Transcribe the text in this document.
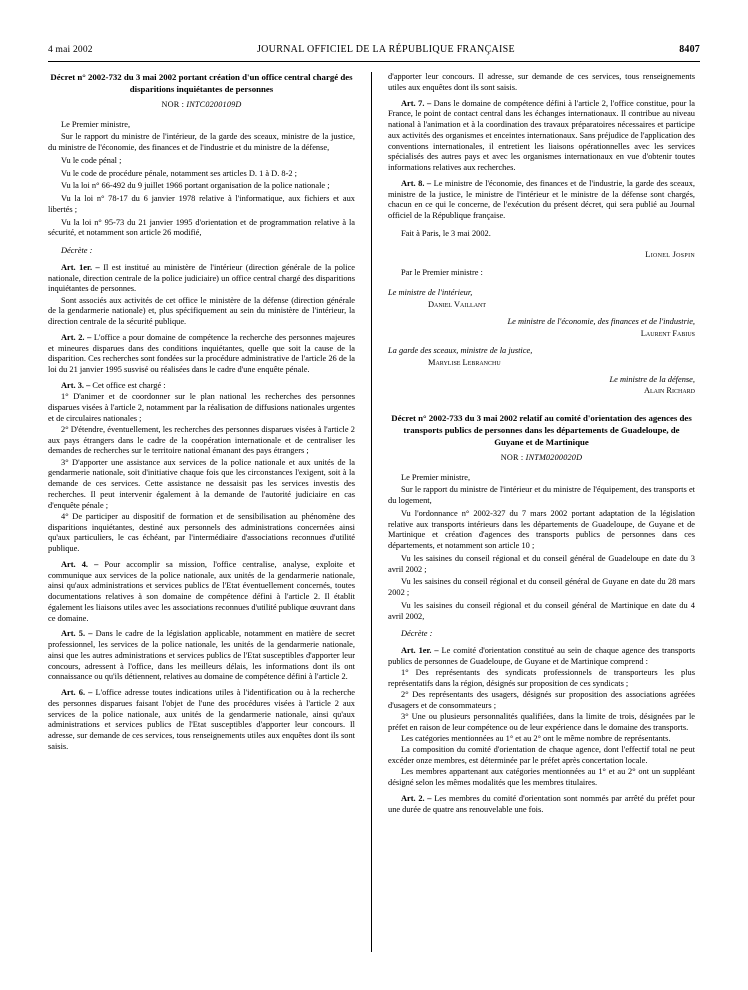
4 mai 2002	JOURNAL OFFICIEL DE LA RÉPUBLIQUE FRANÇAISE	8407
Décret n° 2002-732 du 3 mai 2002 portant création d'un office central chargé des disparitions inquiétantes de personnes
NOR : INTC0200109D

Le Premier ministre,

Sur le rapport du ministre de l'intérieur, de la garde des sceaux, ministre de la justice, du ministre de l'économie, des finances et de l'industrie et du ministre de la défense,

Vu le code pénal ;

Vu le code de procédure pénale, notamment ses articles D. 1 à D. 8-2 ;

Vu la loi n° 66-492 du 9 juillet 1966 portant organisation de la police nationale ;

Vu la loi n° 78-17 du 6 janvier 1978 relative à l'informatique, aux fichiers et aux libertés ;

Vu la loi n° 95-73 du 21 janvier 1995 d'orientation et de programmation relative à la sécurité, et notamment son article 26 modifié,

Décrète :

Art. 1er. – Il est institué au ministère de l'intérieur (direction générale de la police nationale, direction centrale de la police judiciaire) un office central chargé des disparitions inquiétantes de personnes.

Sont associés aux activités de cet office le ministère de la défense (direction générale de la gendarmerie nationale) et, plus spécifiquement au sein du ministère de l'intérieur, la direction centrale de la sécurité publique.

Art. 2. – L'office a pour domaine de compétence la recherche des personnes majeures et mineures disparues dans des conditions inquiétantes, quelle que soit la cause de la disparition. Ces recherches sont fondées sur la procédure administrative de l'article 26 de la loi du 21 janvier 1995 susvisé ou réalisées dans le cadre d'une enquête pénale.

Art. 3. – Cet office est chargé :

1° D'animer et de coordonner sur le plan national les recherches des personnes disparues visées à l'article 2, notamment par la réalisation de diffusions nationales urgentes et de circulaires nationales ;

2° D'étendre, éventuellement, les recherches des personnes disparues visées à l'article 2 aux pays étrangers dans le cadre de la coopération internationale et de centraliser les demandes de recherches sur le territoire national émanant des pays étrangers ;

3° D'apporter une assistance aux services de la police nationale et aux unités de la gendarmerie nationale, soit d'initiative chaque fois que les circonstances l'exigent, soit à la demande de ces services. Cette assistance ne dessaisit pas les services investis des recherches. Il peut intervenir également à la demande de l'autorité judiciaire en cas d'enquête pénale ;

4° De participer au dispositif de formation et de sensibilisation au phénomène des disparitions inquiétantes, destiné aux personnels des administrations concernées ainsi qu'aux particuliers, le cas échéant, par l'intermédiaire d'associations reconnues d'utilité publique.

Art. 4. – Pour accomplir sa mission, l'office centralise, analyse, exploite et communique aux services de la police nationale, aux unités de la gendarmerie nationale, ainsi qu'aux administrations et services publics de l'Etat éventuellement concernés, toutes documentations relatives à son domaine de compétence défini à l'article 2. Il établit également les liaisons utiles avec les associations reconnues d'utilité publique œuvrant dans ce domaine.

Art. 5. – Dans le cadre de la législation applicable, notamment en matière de secret professionnel, les services de la police nationale, les unités de la gendarmerie nationale, ainsi que les autres administrations et services publics de l'Etat susceptibles d'apporter leur concours, adressent à l'office, dans les meilleurs délais, les informations dont ils ont connaissance ou qu'ils détiennent, relatives au domaine de compétence défini à l'article 2.

Art. 6. – L'office adresse toutes indications utiles à l'identification ou à la recherche des personnes disparues faisant l'objet de l'une des procédures visées à l'article 2 aux services de la police nationale, aux unités de la gendarmerie nationale, ainsi qu'aux administrations et services publics de l'Etat susceptibles d'apporter leur concours. Il adresse, sur demande de ces services, tous renseignements utiles aux enquêtes dont ils sont saisis.

d'apporter leur concours. Il adresse, sur demande de ces services, tous renseignements utiles aux enquêtes dont ils sont saisis.

Art. 7. – Dans le domaine de compétence défini à l'article 2, l'office constitue, pour la France, le point de contact central dans les échanges internationaux. Il contribue au niveau national à l'animation et à la coordination des travaux préparatoires nécessaires et participe aux activités des organismes et enceintes internationaux. Sans préjudice de l'application des conventions internationales, il entretient les liaisons opérationnelles avec les services spécialisés des autres pays et avec les organismes internationaux en vue d'obtenir toutes informations relatives aux recherches.

Art. 8. – Le ministre de l'économie, des finances et de l'industrie, la garde des sceaux, ministre de la justice, le ministre de l'intérieur et le ministre de la défense sont chargés, chacun en ce qui le concerne, de l'exécution du présent décret, qui sera publié au Journal officiel de la République française.

Fait à Paris, le 3 mai 2002.

Lionel Jospin

Par le Premier ministre :

Le ministre de l'intérieur,

Daniel Vaillant

Le ministre de l'économie, des finances et de l'industrie,

Laurent Fabius

La garde des sceaux, ministre de la justice,

Marylise Lebranchu

Le ministre de la défense,

Alain Richard

Décret n° 2002-733 du 3 mai 2002 relatif au comité d'orientation des agences des transports publics de personnes dans les départements de Guadeloupe, de Guyane et de Martinique
NOR : INTM0200020D

Le Premier ministre,

Sur le rapport du ministre de l'intérieur et du ministre de l'équipement, des transports et du logement,

Vu l'ordonnance n° 2002-327 du 7 mars 2002 portant adaptation de la législation relative aux transports intérieurs dans les départements de Guadeloupe, de Guyane et de Martinique et création d'agences des transports publics de personnes dans ces départements, et notamment son article 10 ;

Vu les saisines du conseil régional et du conseil général de Guadeloupe en date du 3 avril 2002 ;

Vu les saisines du conseil régional et du conseil général de Guyane en date du 28 mars 2002 ;

Vu les saisines du conseil régional et du conseil général de Martinique en date du 4 avril 2002,

Décrète :

Art. 1er. – Le comité d'orientation constitué au sein de chaque agence des transports publics de personnes de Guadeloupe, de Guyane et de Martinique comprend :

1° Des représentants des syndicats professionnels de transporteurs les plus représentatifs dans la région, désignés sur proposition de ces syndicats ;

2° Des représentants des usagers, désignés sur proposition des associations agréées d'usagers et de consommateurs ;

3° Une ou plusieurs personnalités qualifiées, dans la limite de trois, désignées par le préfet en raison de leur compétence ou de leur expérience dans le domaine des transports.

Les catégories mentionnées au 1° et au 2° ont le même nombre de représentants.

La composition du comité d'orientation de chaque agence, dont l'effectif total ne peut excéder onze membres, est déterminée par le préfet après concertation locale.

Les membres appartenant aux catégories mentionnées au 1° et au 2° ont un suppléant désigné selon les mêmes modalités que les membres titulaires.

Art. 2. – Les membres du comité d'orientation sont nommés par arrêté du préfet pour une durée de quatre ans renouvelable une fois.
